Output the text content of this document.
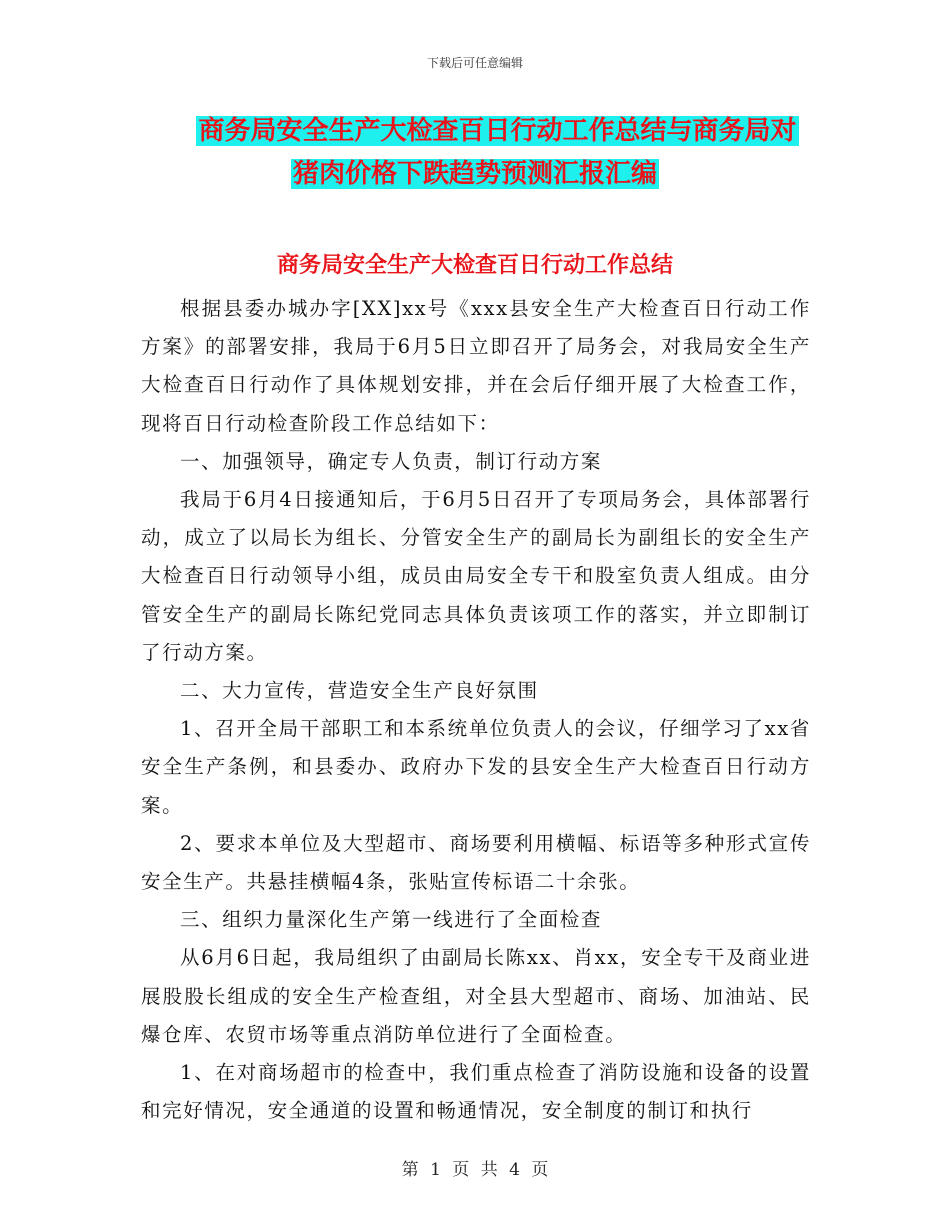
下载后可任意编辑
商务局安全生产大检查百日行动工作总结与商务局对
猪肉价格下跌趋势预测汇报汇编
商务局安全生产大检查百日行动工作总结

根据县委办城办字[XX]xx号《xxx县安全生产大检查百日行动工作方案》的部署安排，我局于6月5日立即召开了局务会，对我局安全生产大检查百日行动作了具体规划安排，并在会后仔细开展了大检查工作，现将百日行动检查阶段工作总结如下：

一、加强领导，确定专人负责，制订行动方案

我局于6月4日接通知后，于6月5日召开了专项局务会，具体部署行动，成立了以局长为组长、分管安全生产的副局长为副组长的安全生产大检查百日行动领导小组，成员由局安全专干和股室负责人组成。由分管安全生产的副局长陈纪党同志具体负责该项工作的落实，并立即制订了行动方案。

二、大力宣传，营造安全生产良好氛围

1、召开全局干部职工和本系统单位负责人的会议，仔细学习了xx省安全生产条例，和县委办、政府办下发的县安全生产大检查百日行动方案。

2、要求本单位及大型超市、商场要利用横幅、标语等多种形式宣传安全生产。共悬挂横幅4条，张贴宣传标语二十余张。

三、组织力量深化生产第一线进行了全面检查

从6月6日起，我局组织了由副局长陈xx、肖xx，安全专干及商业进展股股长组成的安全生产检查组，对全县大型超市、商场、加油站、民爆仓库、农贸市场等重点消防单位进行了全面检查。

1、在对商场超市的检查中，我们重点检查了消防设施和设备的设置和完好情况，安全通道的设置和畅通情况，安全制度的制订和执行

第 1 页 共 4 页
